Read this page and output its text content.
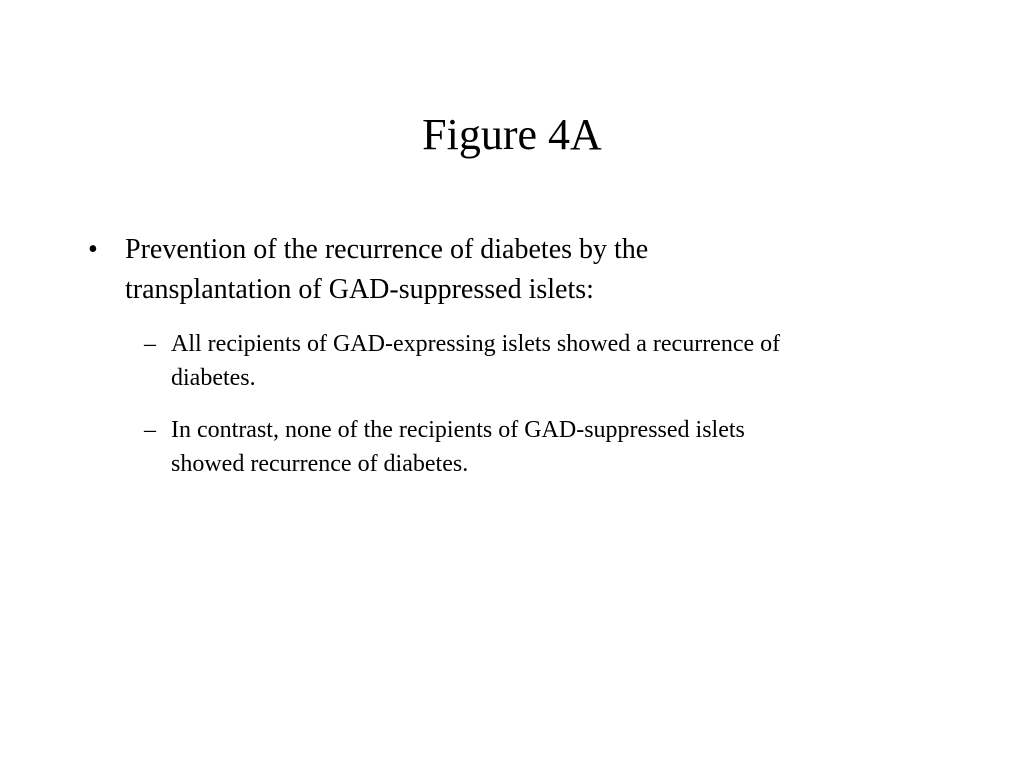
Figure 4A
• Prevention of the recurrence of diabetes by the
transplantation of GAD-suppressed islets:
– All recipients of GAD-expressing islets showed a recurrence of
diabetes.
– In contrast, none of the recipients of GAD-suppressed islets
showed recurrence of diabetes.
